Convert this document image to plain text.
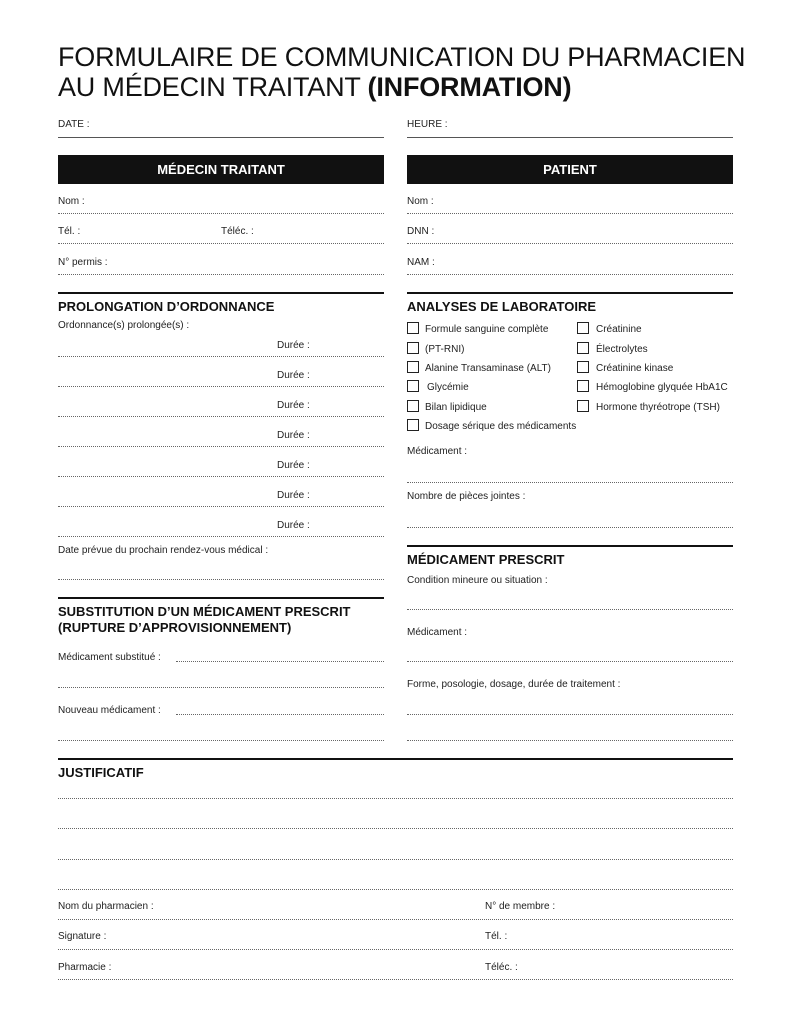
FORMULAIRE DE COMMUNICATION DU PHARMACIEN
AU MÉDECIN TRAITANT (INFORMATION)
DATE :	HEURE :
MÉDECIN TRAITANT
Nom :
Tél. :	Téléc. :
N° permis :
PATIENT
Nom :
DNN :
NAM :
PROLONGATION D’ORDONNANCE
Ordonnance(s) prolongée(s) :
Durée :
Durée :
Durée :
Durée :
Durée :
Durée :
Durée :
Date prévue du prochain rendez-vous médical :
SUBSTITUTION D’UN MÉDICAMENT PRESCRIT
(RUPTURE D’APPROVISIONNEMENT)
Médicament substitué :
Nouveau médicament :
ANALYSES DE LABORATOIRE
Formule sanguine complète
(PT-RNI)
Alanine Transaminase (ALT)
Glycémie
Bilan lipidique
Dosage sérique des médicaments
Créatinine
Électrolytes
Créatinine kinase
Hémoglobine glyquée HbA1C
Hormone thyréotrope (TSH)
Médicament :
Nombre de pièces jointes :
MÉDICAMENT PRESCRIT
Condition mineure ou situation :
Médicament :
Forme, posologie, dosage, durée de traitement :
JUSTIFICATIF
Nom du pharmacien :	N° de membre :
Signature :	Tél. :
Pharmacie :	Téléc. :
